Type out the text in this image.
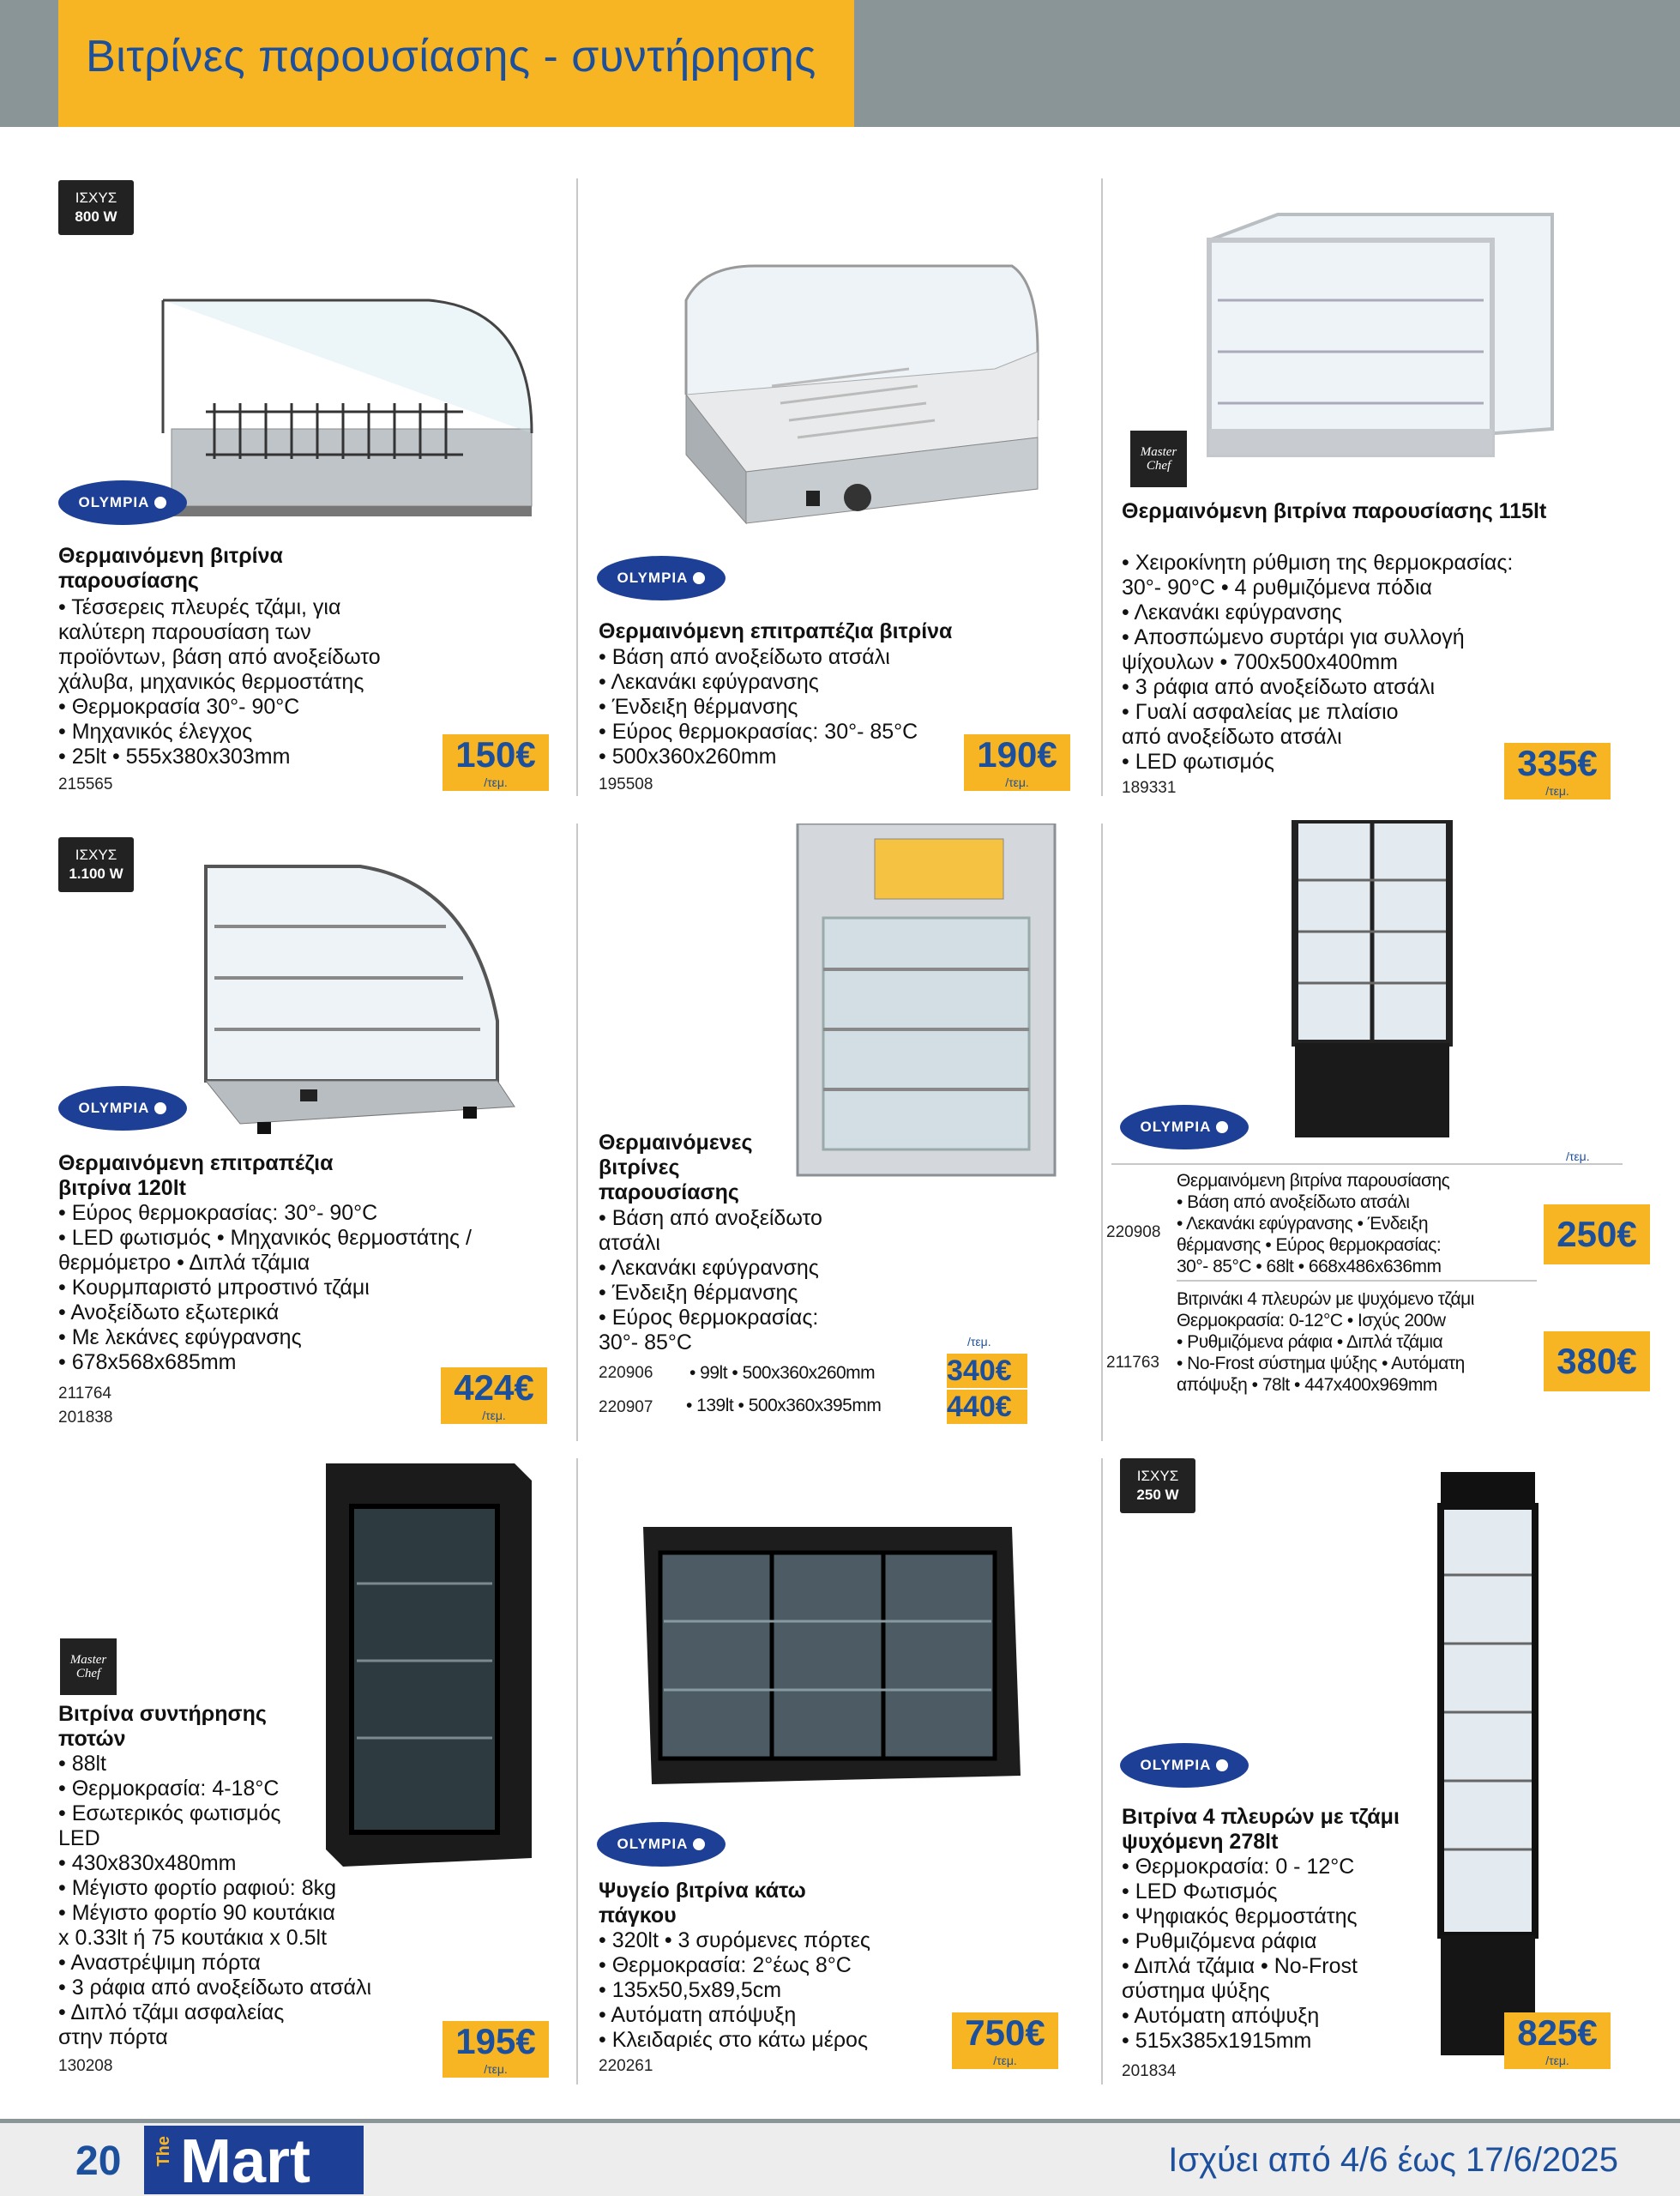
Βιτρίνες παρουσίασης - συντήρησης
ΙΣΧΥΣ
800 W
OLYMPIA
Θερμαινόμενη βιτρίνα παρουσίασης
• Τέσσερεις πλευρές τζάμι, για
καλύτερη παρουσίαση των
προϊόντων, βάση από ανοξείδωτο
χάλυβα, μηχανικός θερμοστάτης
• Θερμοκρασία 30°- 90°C
• Μηχανικός έλεγχος
• 25lt • 555x380x303mm
215565
150€
/τεμ.
OLYMPIA
Θερμαινόμενη επιτραπέζια βιτρίνα
• Βάση από ανοξείδωτο ατσάλι
• Λεκανάκι εφύγρανσης
• Ένδειξη θέρμανσης
• Εύρος θερμοκρασίας: 30°- 85°C
• 500x360x260mm
195508
190€
/τεμ.
Master Chef
Θερμαινόμενη βιτρίνα παρουσίασης 115lt
• Χειροκίνητη ρύθμιση της θερμοκρασίας:
30°- 90°C • 4 ρυθμιζόμενα πόδια
• Λεκανάκι εφύγρανσης
• Αποσπώμενο συρτάρι για συλλογή
ψίχουλων • 700x500x400mm
• 3 ράφια από ανοξείδωτο ατσάλι
• Γυαλί ασφαλείας με πλαίσιο
από ανοξείδωτο ατσάλι
• LED φωτισμός
189331
335€
/τεμ.
ΙΣΧΥΣ
1.100 W
OLYMPIA
Θερμαινόμενη επιτραπέζια βιτρίνα 120lt
• Εύρος θερμοκρασίας: 30°- 90°C
• LED φωτισμός • Μηχανικός θερμοστάτης /
θερμόμετρο • Διπλά τζάμια
• Κουρμπαριστό μπροστινό τζάμι
• Ανοξείδωτο εξωτερικά
• Με λεκάνες εφύγρανσης
• 678x568x685mm
211764
201838
424€
/τεμ.
Θερμαινόμενες βιτρίνες παρουσίασης
• Βάση από ανοξείδωτο
ατσάλι
• Λεκανάκι εφύγρανσης
• Ένδειξη θέρμανσης
• Εύρος θερμοκρασίας:
30°- 85°C	/τεμ.
220906 • 99lt • 500x360x260mm 340€
220907 • 139lt • 500x360x395mm 440€
OLYMPIA
/τεμ.
220908
Θερμαινόμενη βιτρίνα παρουσίασης
• Βάση από ανοξείδωτο ατσάλι
• Λεκανάκι εφύγρανσης • Ένδειξη
θέρμανσης • Εύρος θερμοκρασίας:
30°- 85°C • 68lt • 668x486x636mm
250€
211763
Βιτρινάκι 4 πλευρών με ψυχόμενο τζάμι
Θερμοκρασία: 0-12°C • Ισχύς 200w
• Ρυθμιζόμενα ράφια • Διπλά τζάμια
• No-Frost σύστημα ψύξης • Αυτόματη
απόψυξη • 78lt • 447x400x969mm
380€
Master Chef
Βιτρίνα συντήρησης ποτών
• 88lt
• Θερμοκρασία: 4-18°C
• Εσωτερικός φωτισμός
LED
• 430x830x480mm
• Μέγιστο φορτίο ραφιού: 8kg
• Μέγιστο φορτίο 90 κουτάκια
x 0.33lt ή 75 κουτάκια x 0.5lt
• Αναστρέψιμη πόρτα
• 3 ράφια από ανοξείδωτο ατσάλι
• Διπλό τζάμι ασφαλείας
στην πόρτα
130208
195€
/τεμ.
OLYMPIA
Ψυγείο βιτρίνα κάτω πάγκου
• 320lt • 3 συρόμενες πόρτες
• Θερμοκρασία: 2°έως 8°C
• 135x50,5x89,5cm
• Αυτόματη απόψυξη
• Κλειδαριές στο κάτω μέρος
220261
750€
/τεμ.
ΙΣΧΥΣ
250 W
OLYMPIA
Βιτρίνα 4 πλευρών με τζάμι ψυχόμενη 278lt
• Θερμοκρασία: 0 - 12°C
• LED Φωτισμός
• Ψηφιακός θερμοστάτης
• Ρυθμιζόμενα ράφια
• Διπλά τζάμια • No-Frost
σύστημα ψύξης
• Αυτόματη απόψυξη
• 515x385x1915mm
201834
825€
/τεμ.
20 The Mart	Ισχύει από 4/6 έως 17/6/2025
